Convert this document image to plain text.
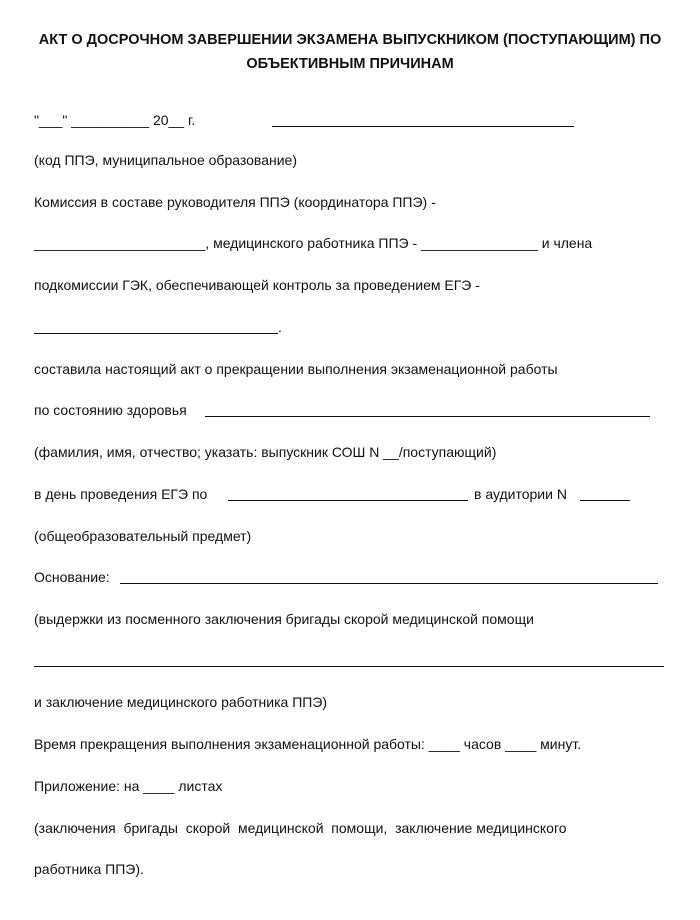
АКТ О ДОСРОЧНОМ ЗАВЕРШЕНИИ ЭКЗАМЕНА ВЫПУСКНИКОМ (ПОСТУПАЮЩИМ) ПО
ОБЪЕКТИВНЫМ ПРИЧИНАМ
"___" __________ 20__ г.
(код ППЭ, муниципальное образование)
Комиссия в составе руководителя ППЭ (координатора ППЭ) -
______________________, медицинского работника ППЭ - _______________ и члена
подкомиссии ГЭК, обеспечивающей контроль за проведением ЕГЭ -
.
составила настоящий акт о прекращении выполнения экзаменационной работы
по состоянию здоровья
(фамилия, имя, отчество; указать: выпускник СОШ N __/поступающий)
в день проведения ЕГЭ по	в аудитории N
(общеобразовательный предмет)
Основание:
(выдержки из посменного заключения бригады скорой медицинской помощи
и заключение медицинского работника ППЭ)
Время прекращения выполнения экзаменационной работы: ____ часов ____ минут.
Приложение: на ____ листах
(заключения  бригады  скорой  медицинской  помощи,  заключение медицинского
работника ППЭ).
